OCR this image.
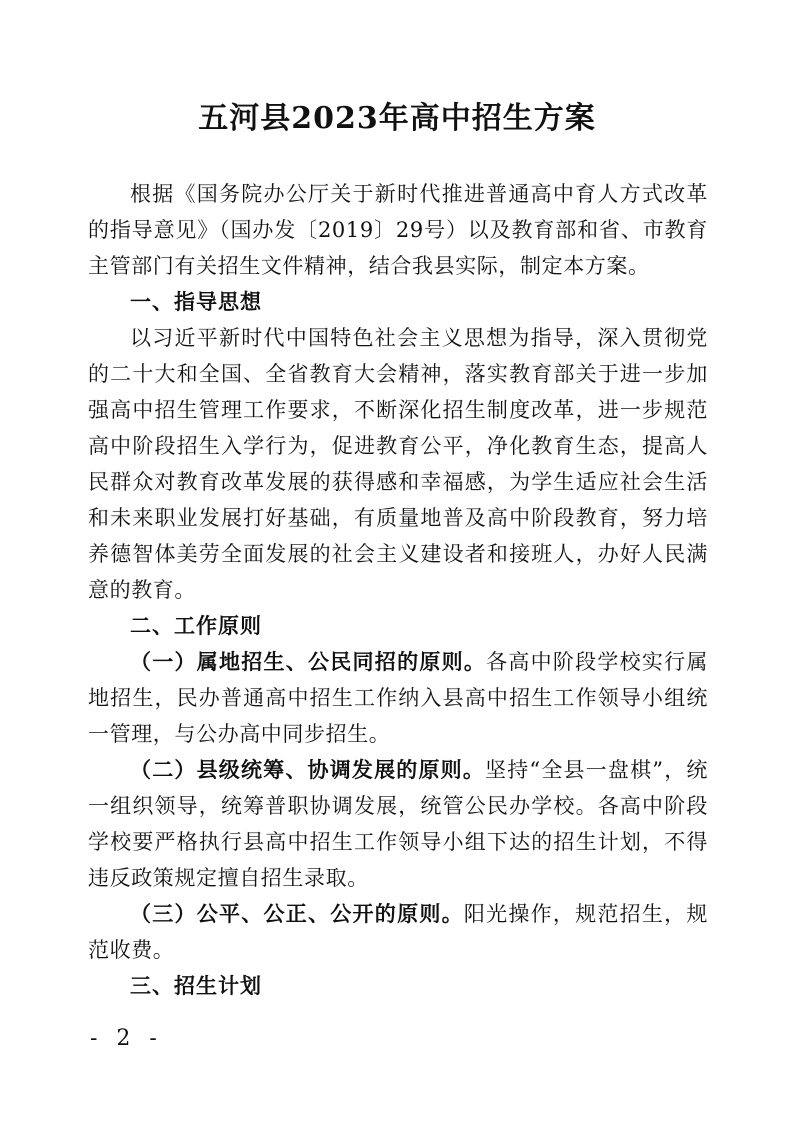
五河县2023年高中招生方案

根据《国务院办公厅关于新时代推进普通高中育人方式改革的指导意见》（国办发〔2019〕29号）以及教育部和省、市教育主管部门有关招生文件精神，结合我县实际，制定本方案。

一、指导思想

以习近平新时代中国特色社会主义思想为指导，深入贯彻党的二十大和全国、全省教育大会精神，落实教育部关于进一步加强高中招生管理工作要求，不断深化招生制度改革，进一步规范高中阶段招生入学行为，促进教育公平，净化教育生态，提高人民群众对教育改革发展的获得感和幸福感，为学生适应社会生活和未来职业发展打好基础，有质量地普及高中阶段教育，努力培养德智体美劳全面发展的社会主义建设者和接班人，办好人民满意的教育。

二、工作原则

（一）属地招生、公民同招的原则。各高中阶段学校实行属地招生，民办普通高中招生工作纳入县高中招生工作领导小组统一管理，与公办高中同步招生。

（二）县级统筹、协调发展的原则。坚持“全县一盘棋”，统一组织领导，统筹普职协调发展，统管公民办学校。各高中阶段学校要严格执行县高中招生工作领导小组下达的招生计划，不得违反政策规定擅自招生录取。

（三）公平、公正、公开的原则。阳光操作，规范招生，规范收费。

三、招生计划

- 2 -
